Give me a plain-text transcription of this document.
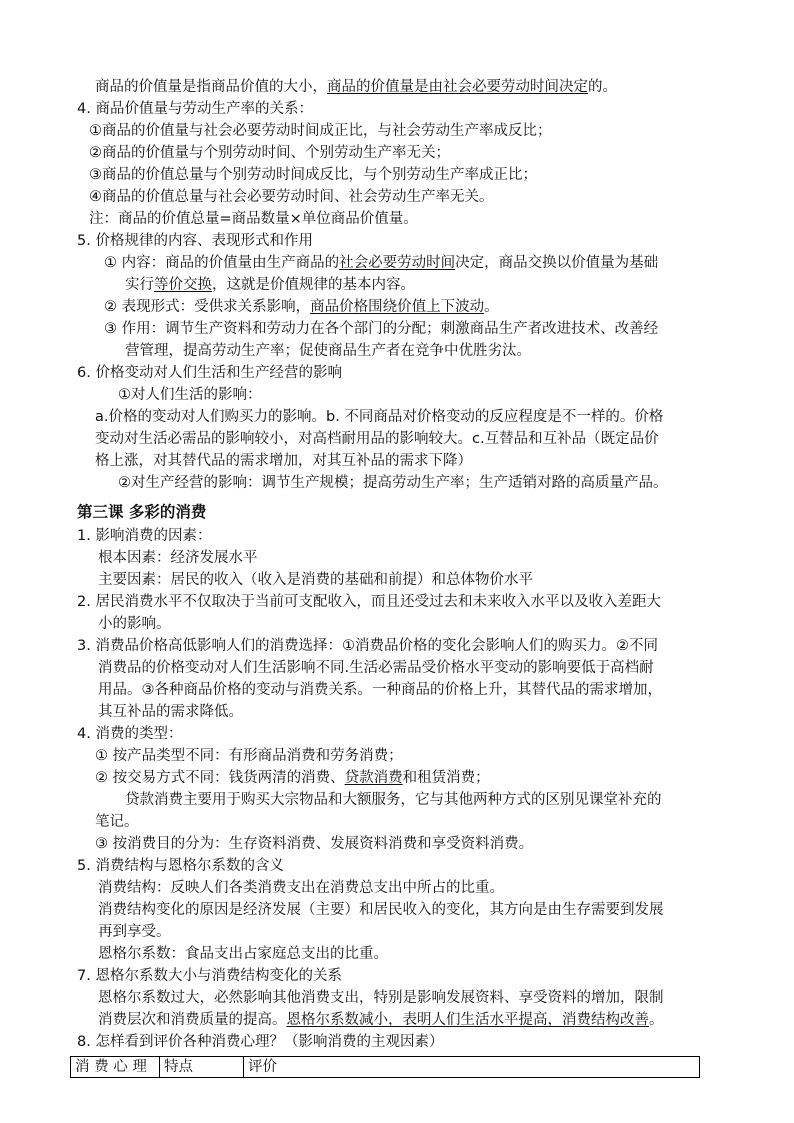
商品的价值量是指商品价值的大小，商品的价值量是由社会必要劳动时间决定的。
4. 商品价值量与劳动生产率的关系：
①商品的价值量与社会必要劳动时间成正比，与社会劳动生产率成反比；
②商品的价值量与个别劳动时间、个别劳动生产率无关；
③商品的价值总量与个别劳动时间成反比，与个别劳动生产率成正比；
④商品的价值总量与社会必要劳动时间、社会劳动生产率无关。
注：商品的价值总量=商品数量×单位商品价值量。
5. 价格规律的内容、表现形式和作用
① 内容：商品的价值量由生产商品的社会必要劳动时间决定，商品交换以价值量为基础
实行等价交换，这就是价值规律的基本内容。
② 表现形式：受供求关系影响，商品价格围绕价值上下波动。
③ 作用：调节生产资料和劳动力在各个部门的分配；刺激商品生产者改进技术、改善经
营管理，提高劳动生产率；促使商品生产者在竞争中优胜劣汰。
6. 价格变动对人们生活和生产经营的影响
①对人们生活的影响：
a.价格的变动对人们购买力的影响。b. 不同商品对价格变动的反应程度是不一样的。价格
变动对生活必需品的影响较小，对高档耐用品的影响较大。c.互替品和互补品（既定品价
格上涨，对其替代品的需求增加，对其互补品的需求下降）
②对生产经营的影响：调节生产规模；提高劳动生产率；生产适销对路的高质量产品。
第三课 多彩的消费
1. 影响消费的因素：
根本因素：经济发展水平
主要因素：居民的收入（收入是消费的基础和前提）和总体物价水平
2. 居民消费水平不仅取决于当前可支配收入，而且还受过去和未来收入水平以及收入差距大
小的影响。
3. 消费品价格高低影响人们的消费选择：①消费品价格的变化会影响人们的购买力。②不同
消费品的价格变动对人们生活影响不同.生活必需品受价格水平变动的影响要低于高档耐
用品。③各种商品价格的变动与消费关系。一种商品的价格上升，其替代品的需求增加，
其互补品的需求降低。
4. 消费的类型：
① 按产品类型不同：有形商品消费和劳务消费；
② 按交易方式不同：钱货两清的消费、贷款消费和租赁消费；
贷款消费主要用于购买大宗物品和大额服务，它与其他两种方式的区别见课堂补充的
笔记。
③ 按消费目的分为：生存资料消费、发展资料消费和享受资料消费。
5. 消费结构与恩格尔系数的含义
消费结构：反映人们各类消费支出在消费总支出中所占的比重。
消费结构变化的原因是经济发展（主要）和居民收入的变化，其方向是由生存需要到发展
再到享受。
恩格尔系数：食品支出占家庭总支出的比重。
7. 恩格尔系数大小与消费结构变化的关系
恩格尔系数过大，必然影响其他消费支出，特别是影响发展资料、享受资料的增加，限制
消费层次和消费质量的提高。恩格尔系数减小，表明人们生活水平提高，消费结构改善。
8. 怎样看到评价各种消费心理？（影响消费的主观因素）
消 费 心 理	特点	评价
